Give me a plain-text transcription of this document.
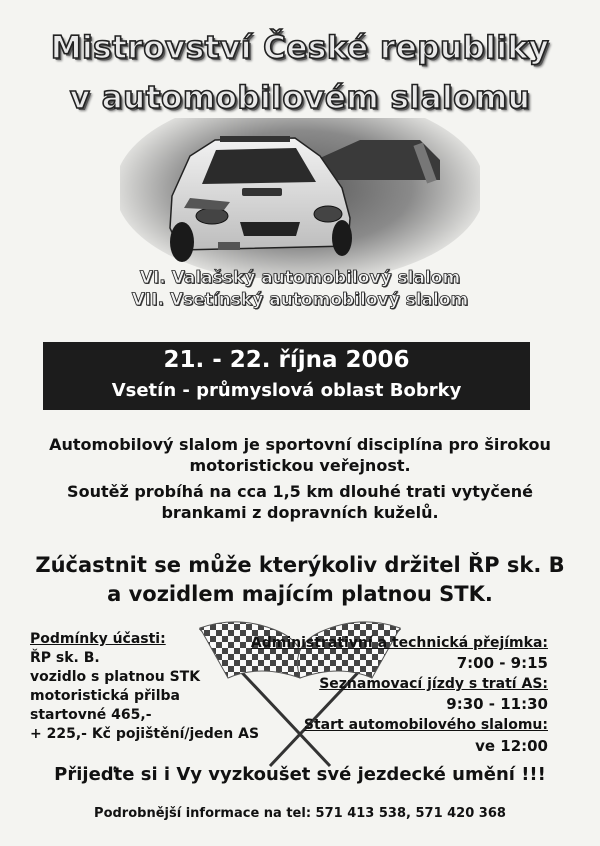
Mistrovství České republiky
v automobilovém slalomu
VI. Valašský automobilový slalom
VII. Vsetínský automobilový slalom
21. - 22. října 2006
Vsetín - průmyslová oblast Bobrky
Automobilový slalom je sportovní disciplína pro širokou
motoristickou veřejnost.
Soutěž probíhá na cca 1,5 km dlouhé trati vytyčené
brankami z dopravních kuželů.
Zúčastnit se může kterýkoliv držitel ŘP sk. B
a vozidlem majícím platnou STK.
Podmínky účasti:
ŘP sk. B.
vozidlo s platnou STK
motoristická přilba
startovné 465,-
+ 225,- Kč pojištění/jeden AS
Administrativní a technická přejímka:
7:00 - 9:15
Seznamovací jízdy s tratí AS:
9:30 - 11:30
Start automobilového slalomu:
ve 12:00
Přijeďte si i Vy vyzkoušet své jezdecké umění !!!
Podrobnější informace na tel: 571 413 538, 571 420 368
